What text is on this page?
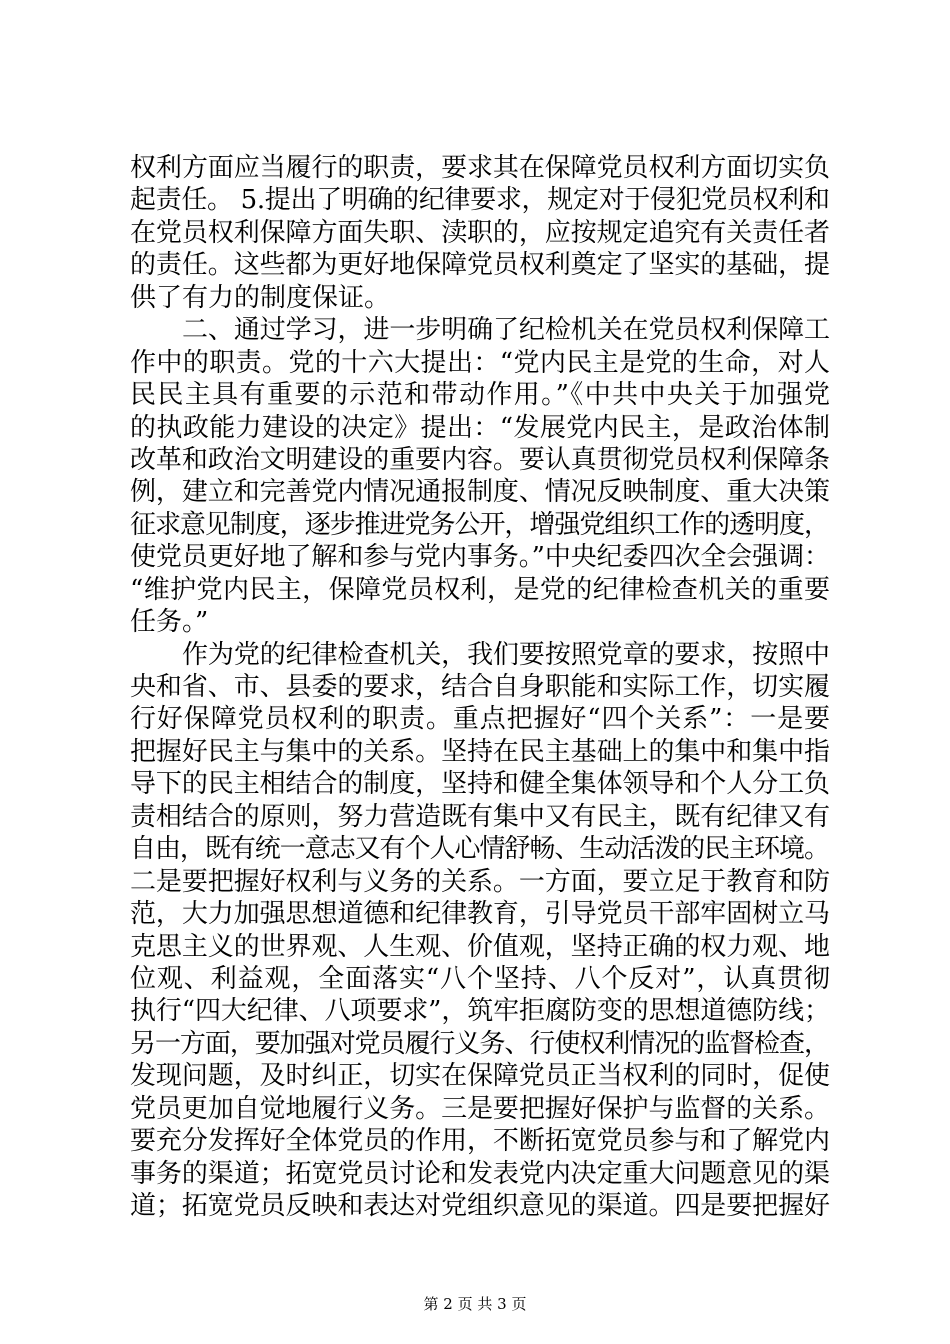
权利方面应当履行的职责，要求其在保障党员权利方面切实负
起责任。 5.提出了明确的纪律要求，规定对于侵犯党员权利和
在党员权利保障方面失职、渎职的，应按规定追究有关责任者
的责任。这些都为更好地保障党员权利奠定了坚实的基础，提
供了有力的制度保证。
二、通过学习，进一步明确了纪检机关在党员权利保障工
作中的职责。党的十六大提出：“党内民主是党的生命，对人
民民主具有重要的示范和带动作用。”《中共中央关于加强党
的执政能力建设的决定》提出：“发展党内民主，是政治体制
改革和政治文明建设的重要内容。要认真贯彻党员权利保障条
例，建立和完善党内情况通报制度、情况反映制度、重大决策
征求意见制度，逐步推进党务公开，增强党组织工作的透明度，
使党员更好地了解和参与党内事务。”中央纪委四次全会强调：
“维护党内民主，保障党员权利，是党的纪律检查机关的重要
任务。”
作为党的纪律检查机关，我们要按照党章的要求，按照中
央和省、市、县委的要求，结合自身职能和实际工作，切实履
行好保障党员权利的职责。重点把握好“四个关系”：一是要
把握好民主与集中的关系。坚持在民主基础上的集中和集中指
导下的民主相结合的制度，坚持和健全集体领导和个人分工负
责相结合的原则，努力营造既有集中又有民主，既有纪律又有
自由，既有统一意志又有个人心情舒畅、生动活泼的民主环境。
二是要把握好权利与义务的关系。一方面，要立足于教育和防
范，大力加强思想道德和纪律教育，引导党员干部牢固树立马
克思主义的世界观、人生观、价值观，坚持正确的权力观、地
位观、利益观，全面落实“八个坚持、八个反对”，认真贯彻
执行“四大纪律、八项要求”，筑牢拒腐防变的思想道德防线；
另一方面，要加强对党员履行义务、行使权利情况的监督检查，
发现问题，及时纠正，切实在保障党员正当权利的同时，促使
党员更加自觉地履行义务。三是要把握好保护与监督的关系。
要充分发挥好全体党员的作用，不断拓宽党员参与和了解党内
事务的渠道；拓宽党员讨论和发表党内决定重大问题意见的渠
道；拓宽党员反映和表达对党组织意见的渠道。四是要把握好
第 2 页 共 3 页
